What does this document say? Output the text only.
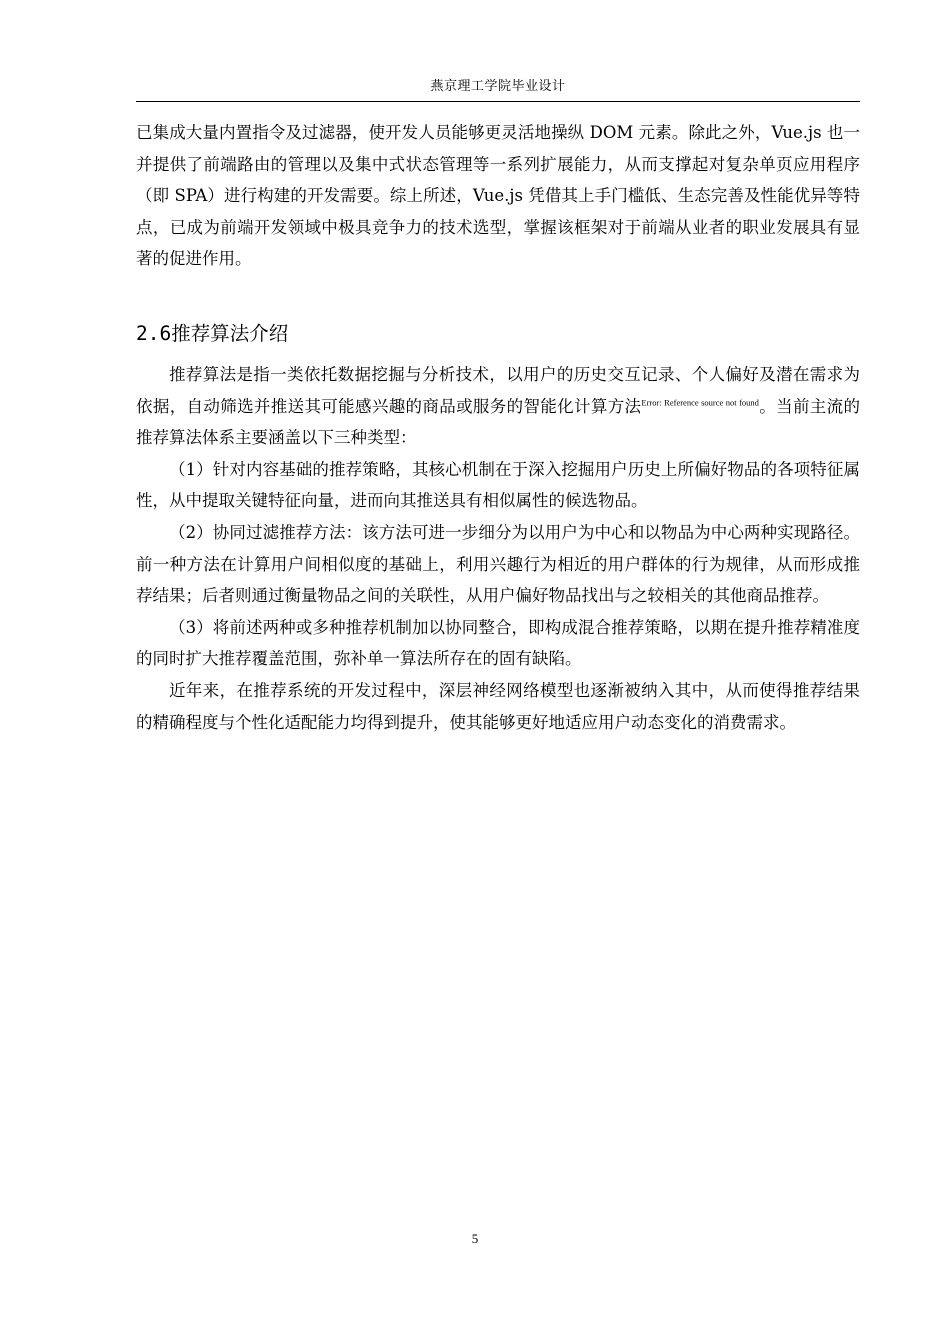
燕京理工学院毕业设计

已集成大量内置指令及过滤器，使开发人员能够更灵活地操纵 DOM 元素。除此之外，Vue.js 也一并提供了前端路由的管理以及集中式状态管理等一系列扩展能力，从而支撑起对复杂单页应用程序（即 SPA）进行构建的开发需要。综上所述，Vue.js 凭借其上手门槛低、生态完善及性能优异等特点，已成为前端开发领域中极具竞争力的技术选型，掌握该框架对于前端从业者的职业发展具有显著的促进作用。

2.6推荐算法介绍

推荐算法是指一类依托数据挖掘与分析技术，以用户的历史交互记录、个人偏好及潜在需求为依据，自动筛选并推送其可能感兴趣的商品或服务的智能化计算方法$^{Error: Reference source not found}$。当前主流的推荐算法体系主要涵盖以下三种类型：

（1）针对内容基础的推荐策略，其核心机制在于深入挖掘用户历史上所偏好物品的各项特征属性，从中提取关键特征向量，进而向其推送具有相似属性的候选物品。

（2）协同过滤推荐方法：该方法可进一步细分为以用户为中心和以物品为中心两种实现路径。前一种方法在计算用户间相似度的基础上，利用兴趣行为相近的用户群体的行为规律，从而形成推荐结果；后者则通过衡量物品之间的关联性，从用户偏好物品找出与之较相关的其他商品推荐。

（3）将前述两种或多种推荐机制加以协同整合，即构成混合推荐策略，以期在提升推荐精准度的同时扩大推荐覆盖范围，弥补单一算法所存在的固有缺陷。

近年来，在推荐系统的开发过程中，深层神经网络模型也逐渐被纳入其中，从而使得推荐结果的精确程度与个性化适配能力均得到提升，使其能够更好地适应用户动态变化的消费需求。

5
